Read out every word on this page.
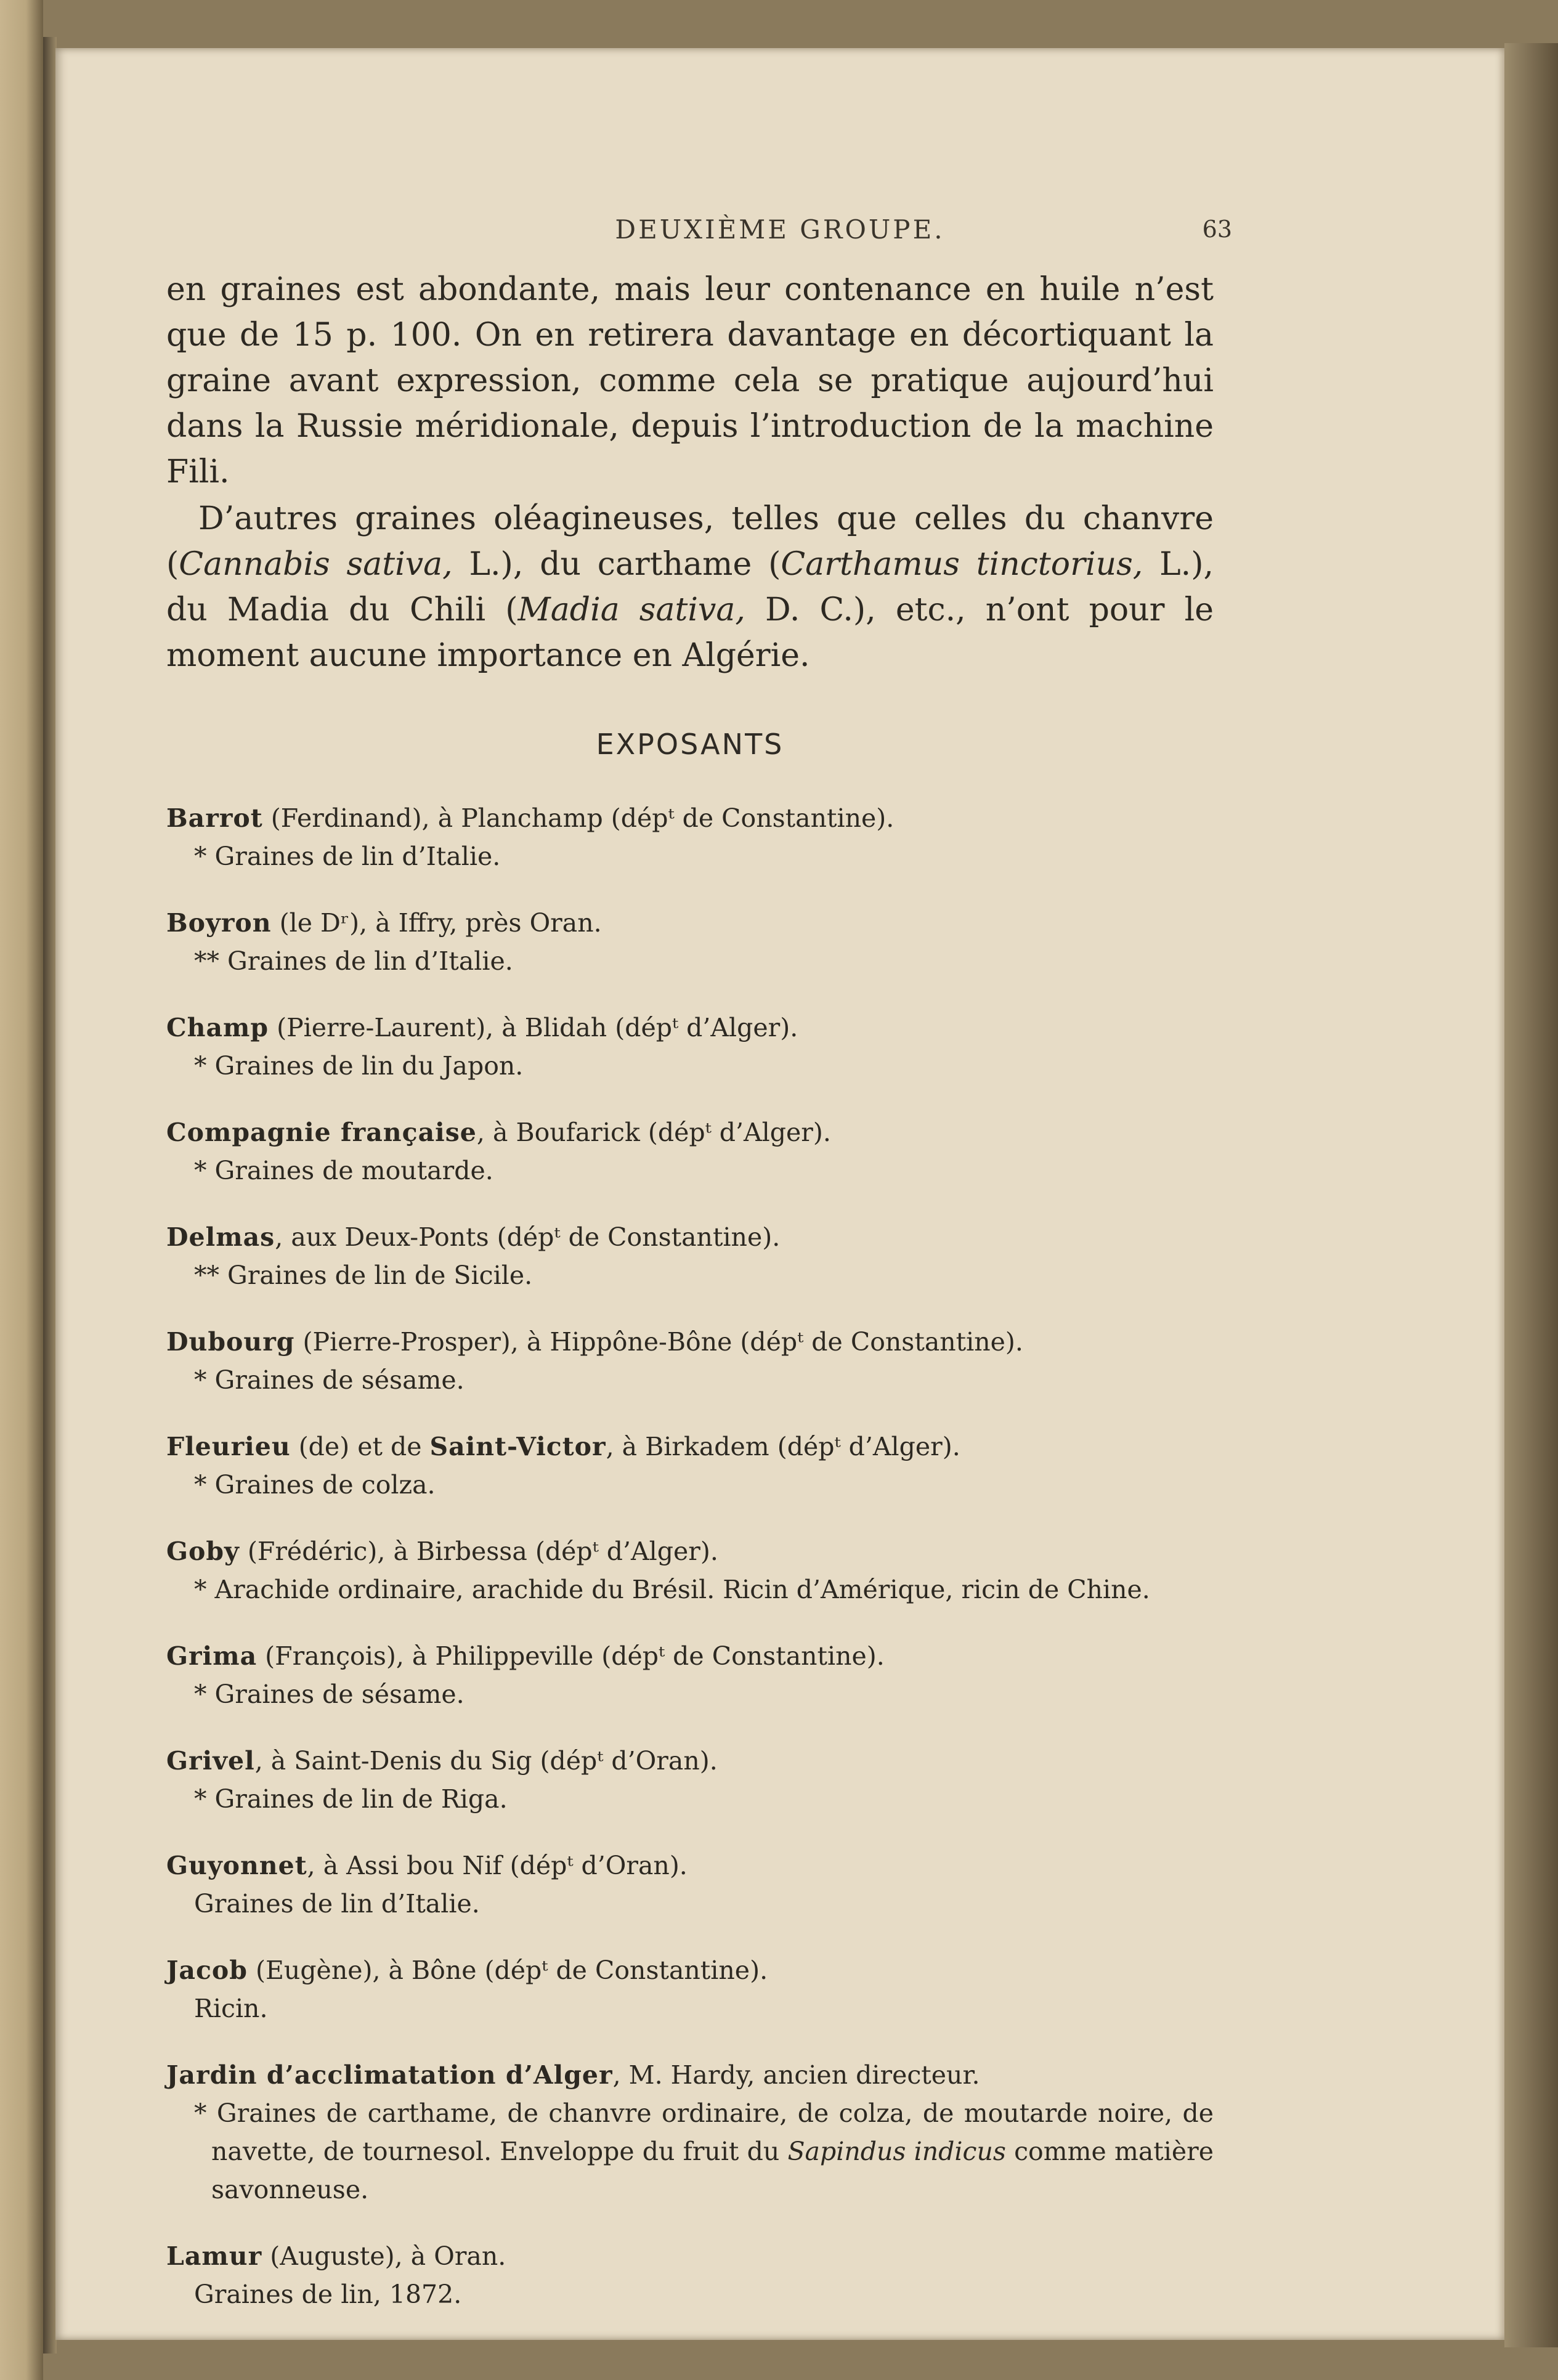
DEUXIÈME GROUPE.	63

en graines est abondante, mais leur contenance en huile n’est que de 15 p. 100. On en retirera davantage en décortiquant la graine avant expression, comme cela se pratique aujourd’hui dans la Russie méridionale, depuis l’introduction de la machine Fili.

D’autres graines oléagineuses, telles que celles du chanvre (Cannabis sativa, L.), du carthame (Carthamus tinctorius, L.), du Madia du Chili (Madia sativa, D. C.), etc., n’ont pour le moment aucune importance en Algérie.

EXPOSANTS

Barrot (Ferdinand), à Planchamp (dépᵗ de Constantine).

* Graines de lin d’Italie.

Boyron (le Dʳ), à Iffry, près Oran.

** Graines de lin d’Italie.

Champ (Pierre-Laurent), à Blidah (dépᵗ d’Alger).

* Graines de lin du Japon.

Compagnie française, à Boufarick (dépᵗ d’Alger).

* Graines de moutarde.

Delmas, aux Deux-Ponts (dépᵗ de Constantine).

** Graines de lin de Sicile.

Dubourg (Pierre-Prosper), à Hippône-Bône (dépᵗ de Constantine).

* Graines de sésame.

Fleurieu (de) et de Saint-Victor, à Birkadem (dépᵗ d’Alger).

* Graines de colza.

Goby (Frédéric), à Birbessa (dépᵗ d’Alger).

* Arachide ordinaire, arachide du Brésil. Ricin d’Amérique, ricin de Chine.

Grima (François), à Philippeville (dépᵗ de Constantine).

* Graines de sésame.

Grivel, à Saint-Denis du Sig (dépᵗ d’Oran).

* Graines de lin de Riga.

Guyonnet, à Assi bou Nif (dépᵗ d’Oran).

Graines de lin d’Italie.

Jacob (Eugène), à Bône (dépᵗ de Constantine).

Ricin.

Jardin d’acclimatation d’Alger, M. Hardy, ancien directeur.

* Graines de carthame, de chanvre ordinaire, de colza, de moutarde noire, de navette, de tournesol. Enveloppe du fruit du Sapindus indicus comme matière savonneuse.

Lamur (Auguste), à Oran.

Graines de lin, 1872.
